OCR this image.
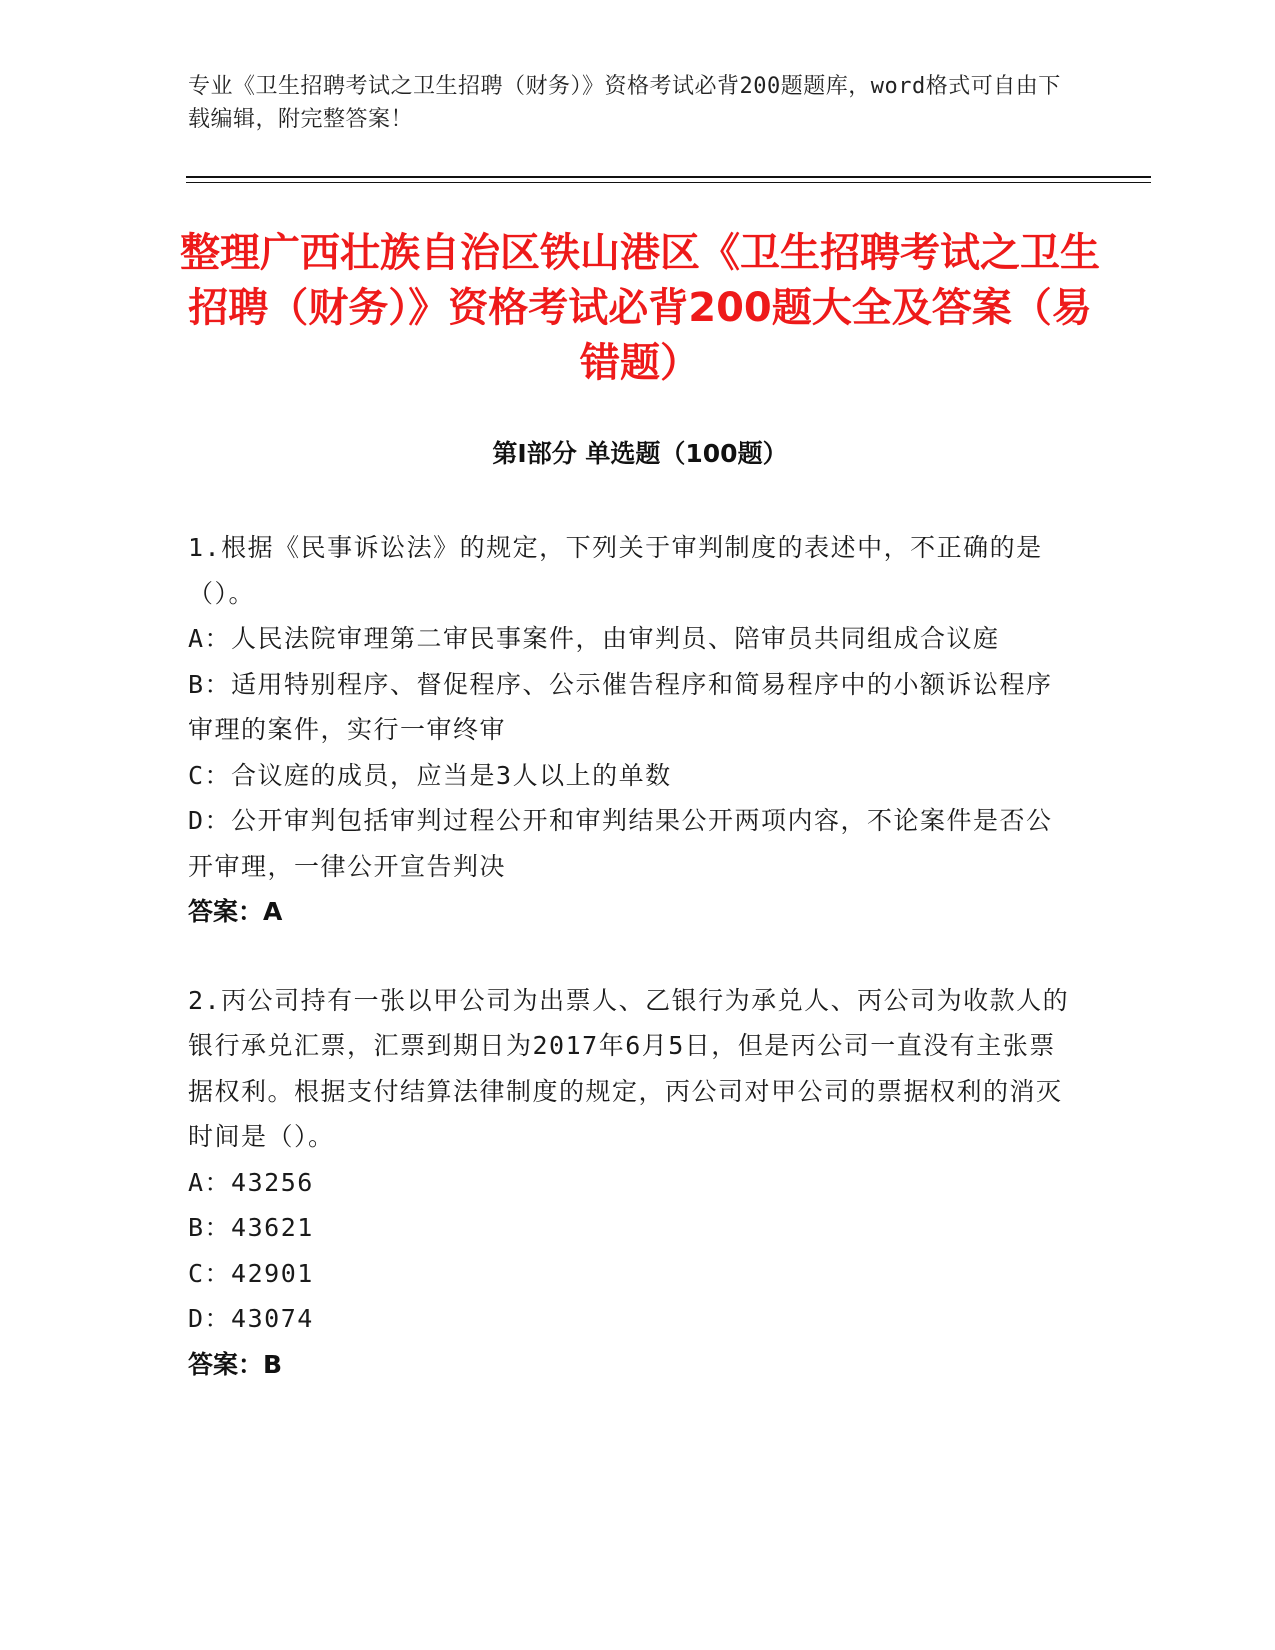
专业《卫生招聘考试之卫生招聘（财务）》资格考试必背200题题库，word格式可自由下载编辑，附完整答案！
整理广西壮族自治区铁山港区《卫生招聘考试之卫生招聘（财务）》资格考试必背200题大全及答案（易错题）
第Ⅰ部分 单选题（100题）
1.根据《民事诉讼法》的规定，下列关于审判制度的表述中，不正确的是（）。
A：人民法院审理第二审民事案件，由审判员、陪审员共同组成合议庭
B：适用特别程序、督促程序、公示催告程序和简易程序中的小额诉讼程序审理的案件，实行一审终审
C：合议庭的成员，应当是3人以上的单数
D：公开审判包括审判过程公开和审判结果公开两项内容，不论案件是否公开审理，一律公开宣告判决
答案：A
2.丙公司持有一张以甲公司为出票人、乙银行为承兑人、丙公司为收款人的银行承兑汇票，汇票到期日为2017年6月5日，但是丙公司一直没有主张票据权利。根据支付结算法律制度的规定，丙公司对甲公司的票据权利的消灭时间是（）。
A：43256
B：43621
C：42901
D：43074
答案：B
